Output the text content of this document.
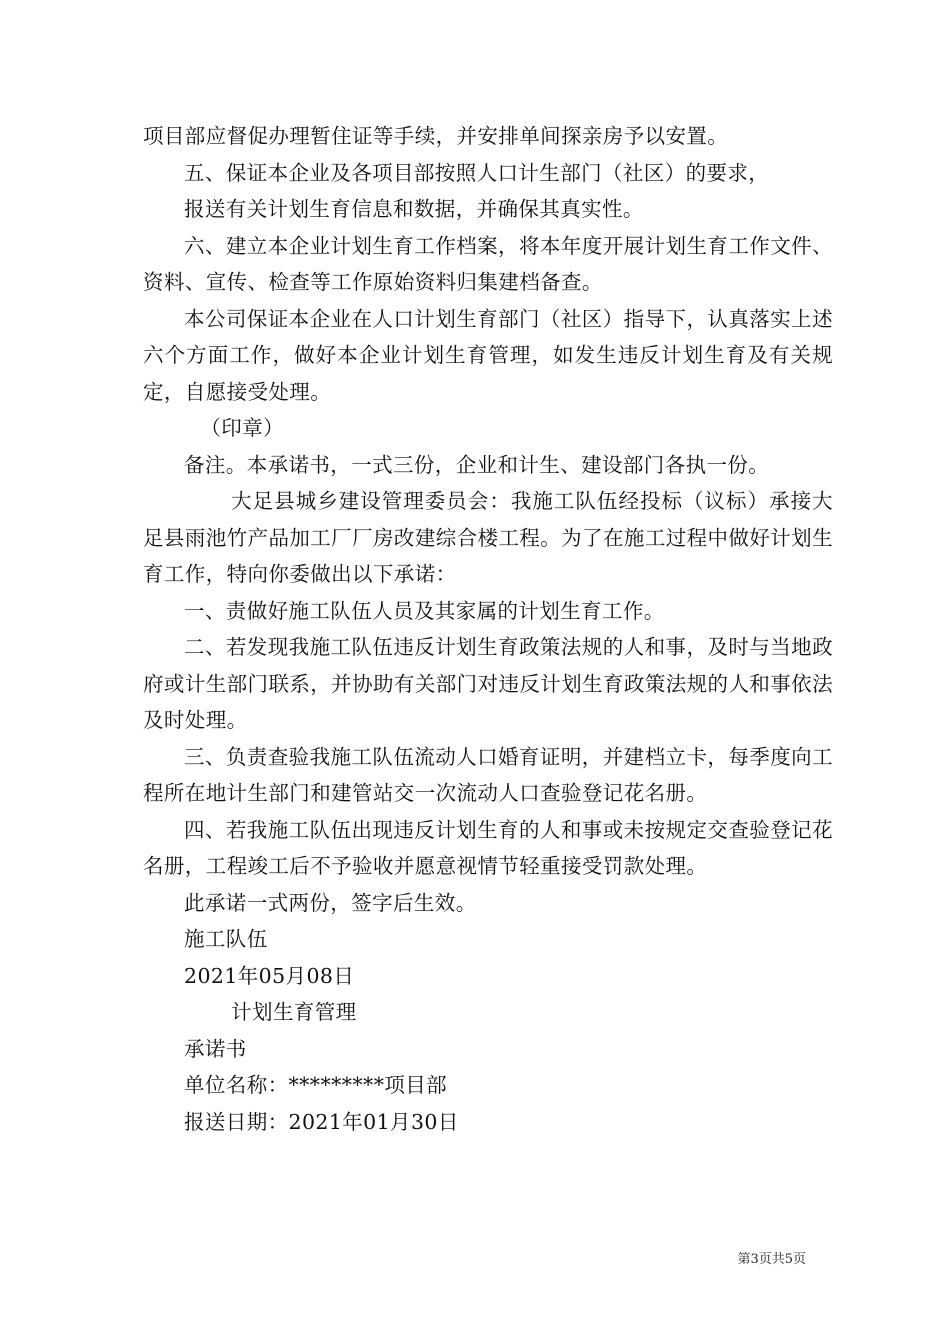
项目部应督促办理暂住证等手续，并安排单间探亲房予以安置。

五、保证本企业及各项目部按照人口计生部门（社区）的要求，

报送有关计划生育信息和数据，并确保其真实性。

六、建立本企业计划生育工作档案，将本年度开展计划生育工作文件、资料、宣传、检查等工作原始资料归集建档备查。

本公司保证本企业在人口计划生育部门（社区）指导下，认真落实上述六个方面工作，做好本企业计划生育管理，如发生违反计划生育及有关规定，自愿接受处理。

（印章）

备注。本承诺书，一式三份，企业和计生、建设部门各执一份。

大足县城乡建设管理委员会：我施工队伍经投标（议标）承接大足县雨池竹产品加工厂厂房改建综合楼工程。为了在施工过程中做好计划生育工作，特向你委做出以下承诺：

一、责做好施工队伍人员及其家属的计划生育工作。

二、若发现我施工队伍违反计划生育政策法规的人和事，及时与当地政府或计生部门联系，并协助有关部门对违反计划生育政策法规的人和事依法及时处理。

三、负责查验我施工队伍流动人口婚育证明，并建档立卡，每季度向工程所在地计生部门和建管站交一次流动人口查验登记花名册。

四、若我施工队伍出现违反计划生育的人和事或未按规定交查验登记花名册，工程竣工后不予验收并愿意视情节轻重接受罚款处理。

此承诺一式两份，签字后生效。

施工队伍

2021年05月08日

计划生育管理

承诺书

单位名称：*********项目部

报送日期：2021年01月30日

第3页共5页
